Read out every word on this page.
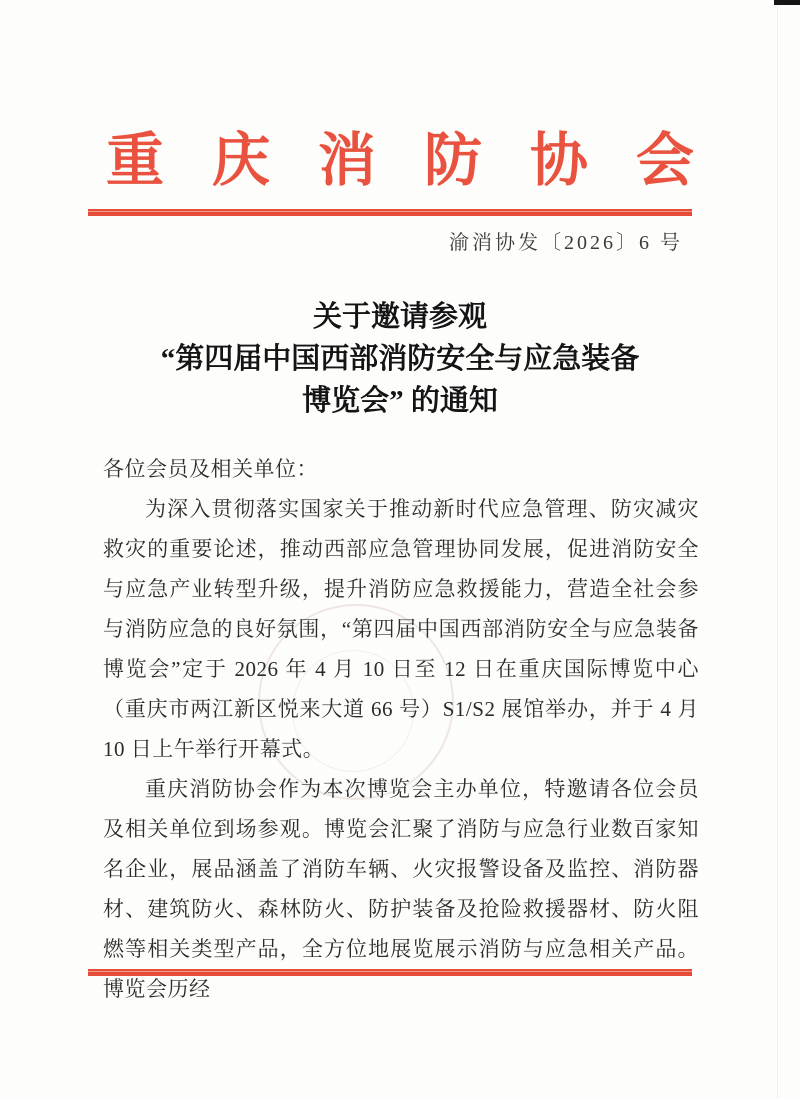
重庆消防协会
渝消协发〔2026〕6 号
关于邀请参观
“第四届中国西部消防安全与应急装备
博览会” 的通知

各位会员及相关单位：

为深入贯彻落实国家关于推动新时代应急管理、防灾减灾救灾的重要论述，推动西部应急管理协同发展，促进消防安全与应急产业转型升级，提升消防应急救援能力，营造全社会参与消防应急的良好氛围，“第四届中国西部消防安全与应急装备博览会”定于 2026 年 4 月 10 日至 12 日在重庆国际博览中心（重庆市两江新区悦来大道 66 号）S1/S2 展馆举办，并于 4 月 10 日上午举行开幕式。

重庆消防协会作为本次博览会主办单位，特邀请各位会员及相关单位到场参观。博览会汇聚了消防与应急行业数百家知名企业，展品涵盖了消防车辆、火灾报警设备及监控、消防器材、建筑防火、森林防火、防护装备及抢险救援器材、防火阻燃等相关类型产品，全方位地展览展示消防与应急相关产品。博览会历经
